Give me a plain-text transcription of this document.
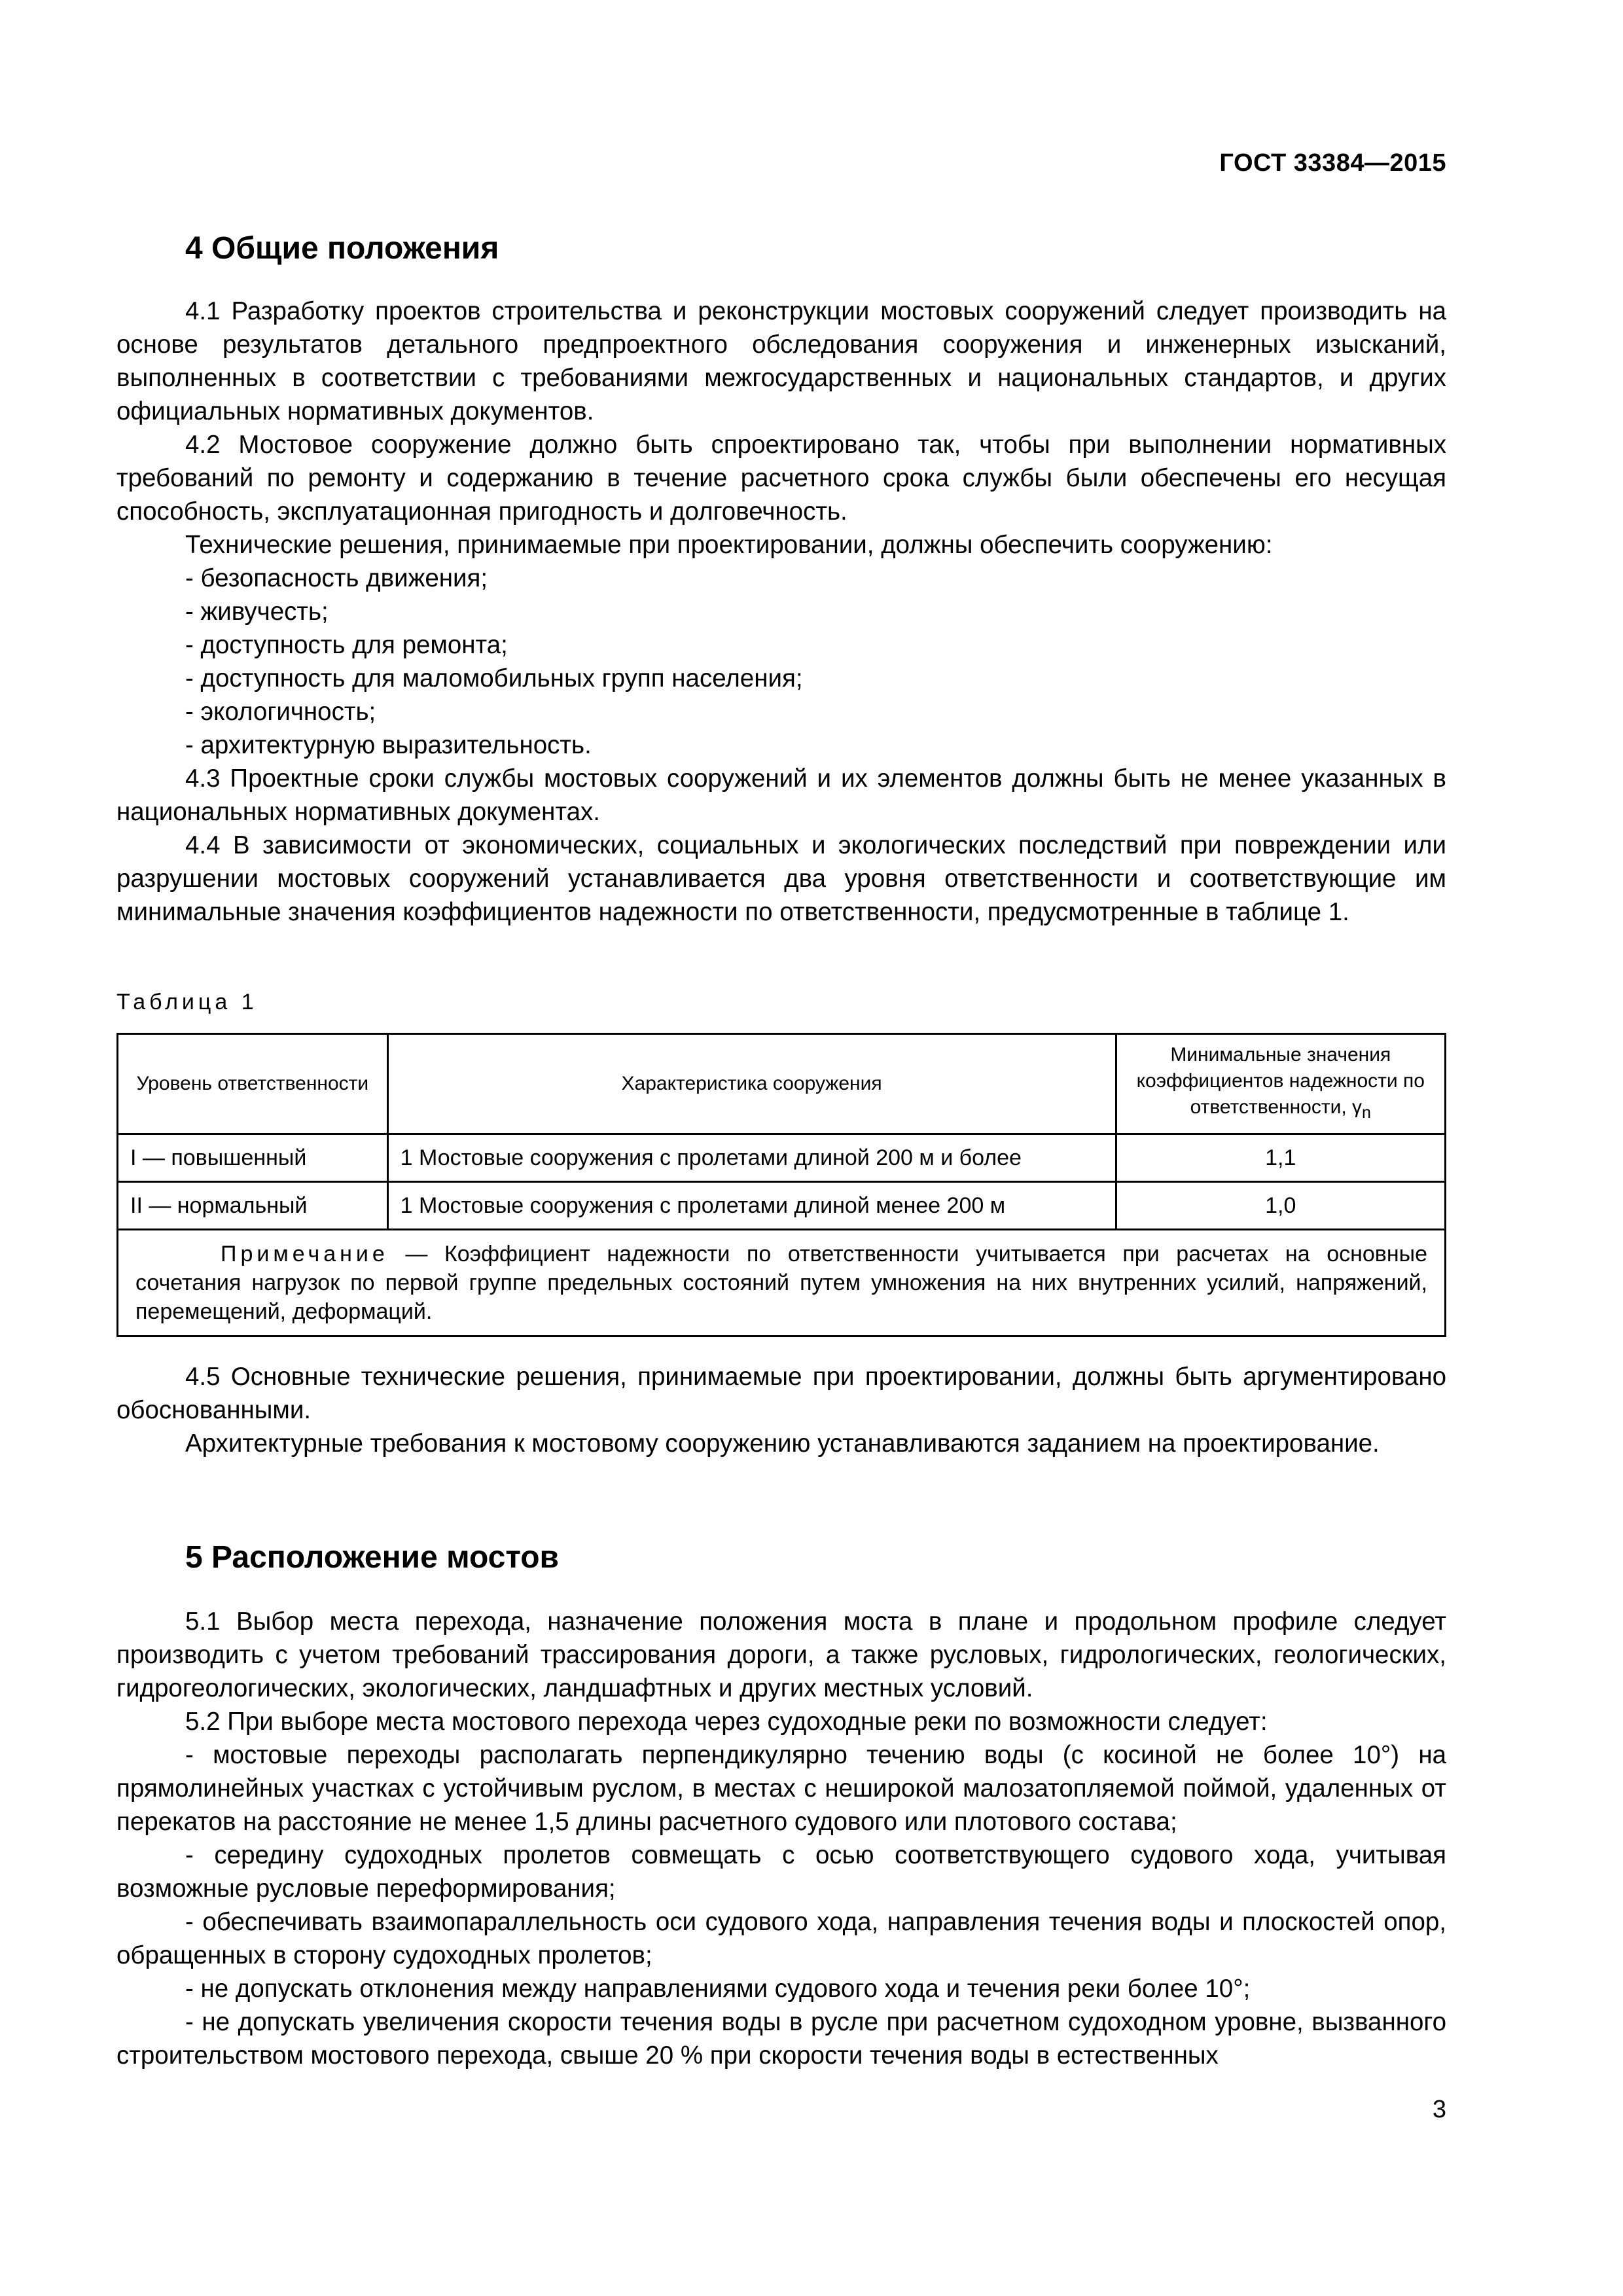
ГОСТ 33384—2015
4 Общие положения

4.1 Разработку проектов строительства и реконструкции мостовых сооружений следует производить на основе результатов детального предпроектного обследования сооружения и инженерных изысканий, выполненных в соответствии с требованиями межгосударственных и национальных стандартов, и других официальных нормативных документов.

4.2 Мостовое сооружение должно быть спроектировано так, чтобы при выполнении нормативных требований по ремонту и содержанию в течение расчетного срока службы были обеспечены его несущая способность, эксплуатационная пригодность и долговечность.

Технические решения, принимаемые при проектировании, должны обеспечить сооружению:

- безопасность движения;

- живучесть;

- доступность для ремонта;

- доступность для маломобильных групп населения;

- экологичность;

- архитектурную выразительность.

4.3 Проектные сроки службы мостовых сооружений и их элементов должны быть не менее указанных в национальных нормативных документах.

4.4 В зависимости от экономических, социальных и экологических последствий при повреждении или разрушении мостовых сооружений устанавливается два уровня ответственности и соответствующие им минимальные значения коэффициентов надежности по ответственности, предусмотренные в таблице 1.

Таблица 1
Уровень ответственности	Характеристика сооружения	Минимальные значения коэффициентов надежности по ответственности, $\gamma_n$
I — повышенный	1 Мостовые сооружения с пролетами длиной 200 м и более	1,1
II — нормальный	1 Мостовые сооружения с пролетами длиной менее 200 м	1,0
Примечание — Коэффициент надежности по ответственности учитывается при расчетах на основные сочетания нагрузок по первой группе предельных состояний путем умножения на них внутренних усилий, напряжений, перемещений, деформаций.		

4.5 Основные технические решения, принимаемые при проектировании, должны быть аргументировано обоснованными.

Архитектурные требования к мостовому сооружению устанавливаются заданием на проектирование.

5 Расположение мостов

5.1 Выбор места перехода, назначение положения моста в плане и продольном профиле следует производить с учетом требований трассирования дороги, а также русловых, гидрологических, геологических, гидрогеологических, экологических, ландшафтных и других местных условий.

5.2 При выборе места мостового перехода через судоходные реки по возможности следует:

- мостовые переходы располагать перпендикулярно течению воды (с косиной не более 10°) на прямолинейных участках с устойчивым руслом, в местах с неширокой малозатопляемой поймой, удаленных от перекатов на расстояние не менее 1,5 длины расчетного судового или плотового состава;

- середину судоходных пролетов совмещать с осью соответствующего судового хода, учитывая возможные русловые переформирования;

- обеспечивать взаимопараллельность оси судового хода, направления течения воды и плоскостей опор, обращенных в сторону судоходных пролетов;

- не допускать отклонения между направлениями судового хода и течения реки более 10°;

- не допускать увеличения скорости течения воды в русле при расчетном судоходном уровне, вызванного строительством мостового перехода, свыше 20 % при скорости течения воды в естественных

3
